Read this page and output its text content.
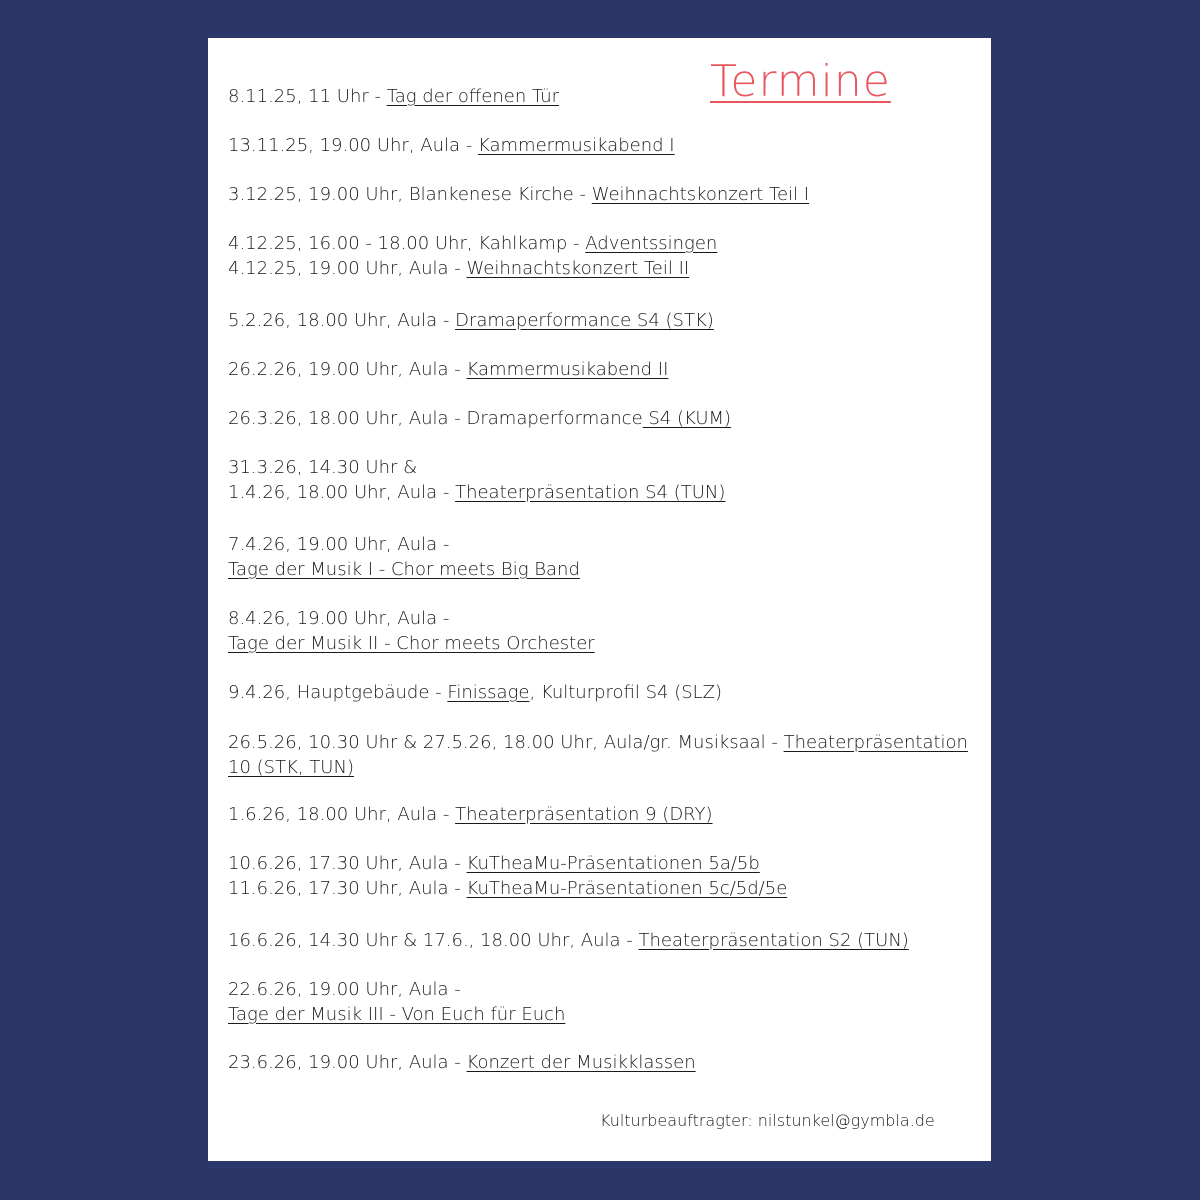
Termine
8.11.25, 11 Uhr - Tag der offenen Tür
13.11.25, 19.00 Uhr, Aula - Kammermusikabend I
3.12.25, 19.00 Uhr, Blankenese Kirche - Weihnachtskonzert Teil I
4.12.25, 16.00 - 18.00 Uhr, Kahlkamp - Adventssingen
4.12.25, 19.00 Uhr, Aula - Weihnachtskonzert Teil II
5.2.26, 18.00 Uhr, Aula - Dramaperformance S4 (STK)
26.2.26, 19.00 Uhr, Aula - Kammermusikabend II
26.3.26, 18.00 Uhr, Aula - Dramaperformance S4 (KUM)
31.3.26, 14.30 Uhr &
1.4.26, 18.00 Uhr, Aula - Theaterpräsentation S4 (TUN)
7.4.26, 19.00 Uhr, Aula -
Tage der Musik I - Chor meets Big Band
8.4.26, 19.00 Uhr, Aula -
Tage der Musik II - Chor meets Orchester
9.4.26, Hauptgebäude - Finissage, Kulturprofil S4 (SLZ)
26.5.26, 10.30 Uhr & 27.5.26, 18.00 Uhr, Aula/gr. Musiksaal - Theaterpräsentation
10 (STK, TUN)
1.6.26, 18.00 Uhr, Aula - Theaterpräsentation 9 (DRY)
10.6.26, 17.30 Uhr, Aula - KuTheaMu-Präsentationen 5a/5b
11.6.26, 17.30 Uhr, Aula - KuTheaMu-Präsentationen 5c/5d/5e
16.6.26, 14.30 Uhr & 17.6., 18.00 Uhr, Aula - Theaterpräsentation S2 (TUN)
22.6.26, 19.00 Uhr, Aula -
Tage der Musik III - Von Euch für Euch
23.6.26, 19.00 Uhr, Aula - Konzert der Musikklassen
Kulturbeauftragter: nilstunkel@gymbla.de
